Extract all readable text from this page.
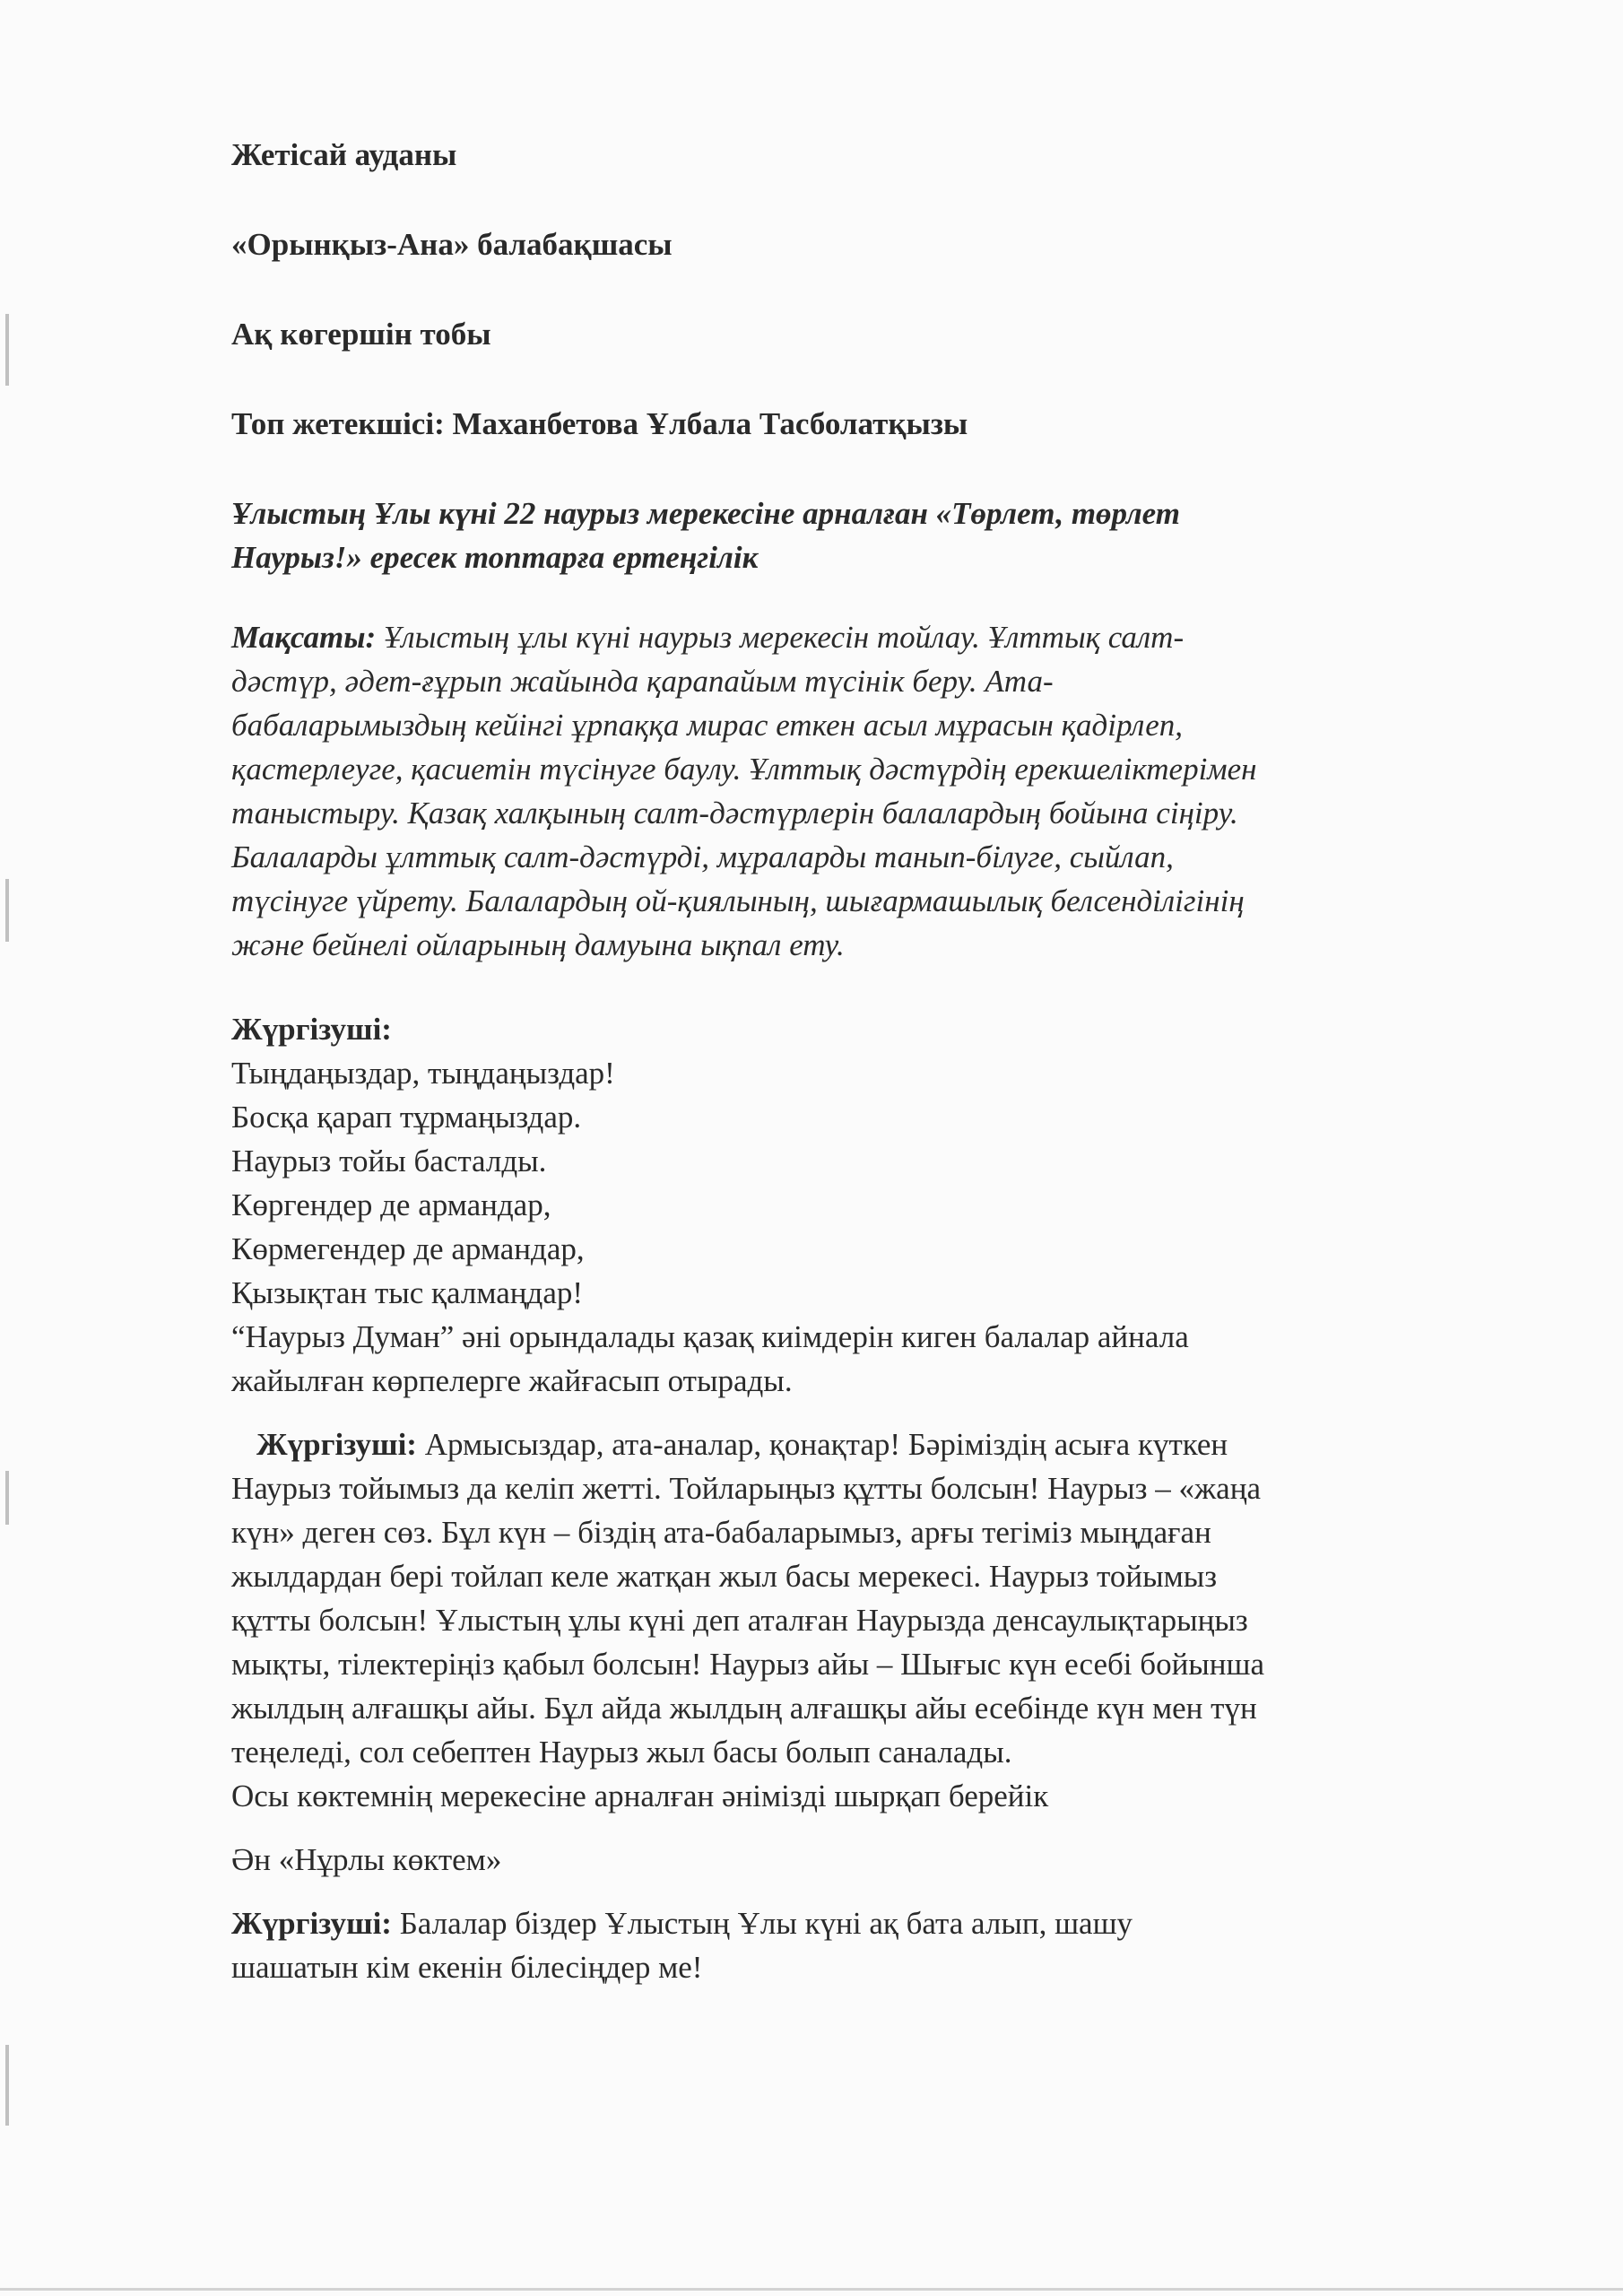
Жетісай ауданы

«Орынқыз-Ана» балабақшасы

Ақ көгершін тобы

Топ жетекшісі: Маханбетова Ұлбала Тасболатқызы

Ұлыстың Ұлы күні 22 наурыз мерекесіне арналған «Төрлет, төрлет

Наурыз!» ересек топтарға ертеңгілік

Мақсаты: Ұлыстың ұлы күні наурыз мерекесін тойлау. Ұлттық салт-

дәстүр, әдет-ғұрып жайында қарапайым түсінік беру. Ата-

бабаларымыздың кейінгі ұрпаққа мирас еткен асыл мұрасын қадірлеп,

қастерлеуге, қасиетін түсінуге баулу. Ұлттық дәстүрдің ерекшеліктерімен

таныстыру. Қазақ халқының салт-дәстүрлерін балалардың бойына сіңіру.

Балаларды ұлттық салт-дәстүрді, мұраларды танып-білуге, сыйлап,

түсінуге үйрету. Балалардың ой-қиялының, шығармашылық белсенділігінің

және бейнелі ойларының дамуына ықпал ету.

Жүргізуші:

Тыңдаңыздар, тыңдаңыздар!

Босқа қарап тұрмаңыздар.

Наурыз тойы басталды.

Көргендер де армандар,

Көрмегендер де армандар,

Қызықтан тыс қалмаңдар!

“Наурыз Думан” әні орындалады қазақ киімдерін киген балалар айнала

жайылған көрпелерге жайғасып отырады.

Жүргізуші: Армысыздар, ата-аналар, қонақтар! Бәріміздің асыға күткен

Наурыз тойымыз да келіп жетті. Тойларыңыз құтты болсын! Наурыз – «жаңа

күн» деген сөз. Бұл күн – біздің ата-бабаларымыз, арғы тегіміз мыңдаған

жылдардан бері тойлап келе жатқан жыл басы мерекесі. Наурыз тойымыз

құтты болсын! Ұлыстың ұлы күні деп аталған Наурызда денсаулықтарыңыз

мықты, тілектеріңіз қабыл болсын! Наурыз айы – Шығыс күн есебі бойынша

жылдың алғашқы айы. Бұл айда жылдың алғашқы айы есебінде күн мен түн

теңеледі, сол себептен Наурыз жыл басы болып саналады.

Осы көктемнің мерекесіне арналған әнімізді шырқап берейік

Ән «Нұрлы көктем»

Жүргізуші: Балалар біздер Ұлыстың Ұлы күні ақ бата алып, шашу

шашатын кім екенін білесіңдер ме!
